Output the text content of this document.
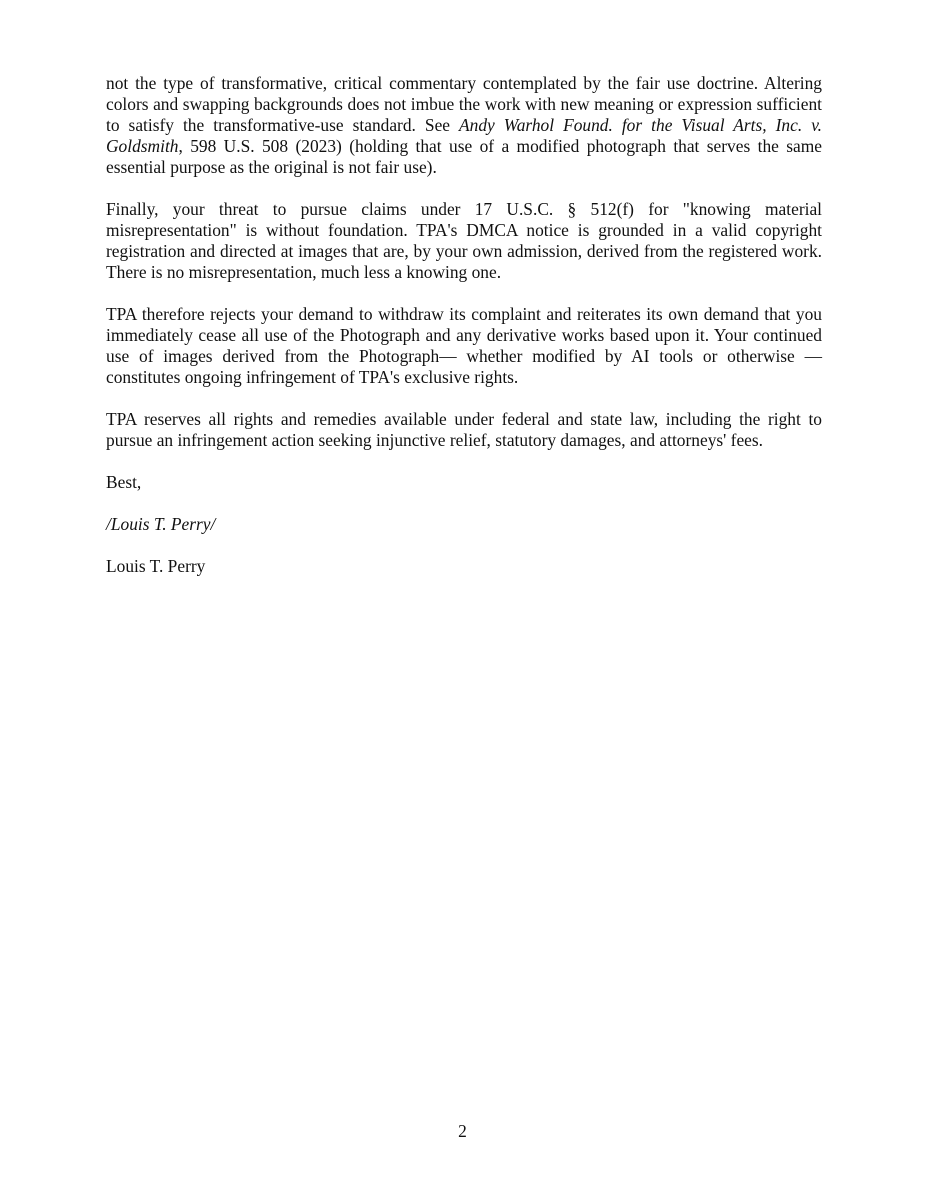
not the type of transformative, critical commentary contemplated by the fair use doctrine. Altering colors and swapping backgrounds does not imbue the work with new meaning or expression sufficient to satisfy the transformative-use standard. See Andy Warhol Found. for the Visual Arts, Inc. v. Goldsmith, 598 U.S. 508 (2023) (holding that use of a modified photograph that serves the same essential purpose as the original is not fair use).

Finally, your threat to pursue claims under 17 U.S.C. § 512(f) for "knowing material misrepresentation" is without foundation. TPA's DMCA notice is grounded in a valid copyright registration and directed at images that are, by your own admission, derived from the registered work. There is no misrepresentation, much less a knowing one.

TPA therefore rejects your demand to withdraw its complaint and reiterates its own demand that you immediately cease all use of the Photograph and any derivative works based upon it. Your continued use of images derived from the Photograph— whether modified by AI tools or otherwise — constitutes ongoing infringement of TPA's exclusive rights.

TPA reserves all rights and remedies available under federal and state law, including the right to pursue an infringement action seeking injunctive relief, statutory damages, and attorneys' fees.

Best,

/Louis T. Perry/

Louis T. Perry

2
